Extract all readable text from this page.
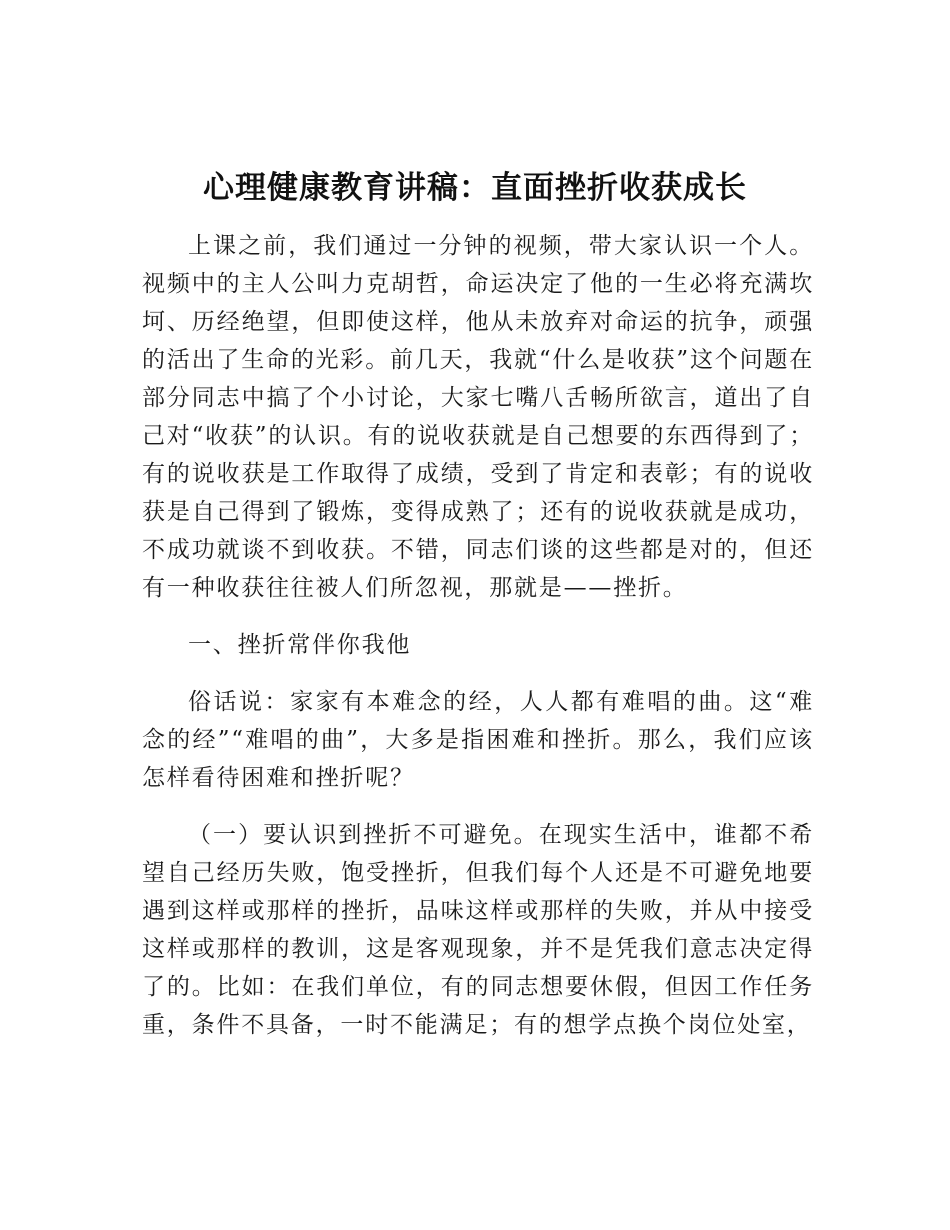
心理健康教育讲稿：直面挫折收获成长

上课之前，我们通过一分钟的视频，带大家认识一个人。视频中的主人公叫力克胡哲，命运决定了他的一生必将充满坎坷、历经绝望，但即使这样，他从未放弃对命运的抗争，顽强的活出了生命的光彩。前几天，我就“什么是收获”这个问题在部分同志中搞了个小讨论，大家七嘴八舌畅所欲言，道出了自己对“收获”的认识。有的说收获就是自己想要的东西得到了；有的说收获是工作取得了成绩，受到了肯定和表彰；有的说收获是自己得到了锻炼，变得成熟了；还有的说收获就是成功，不成功就谈不到收获。不错，同志们谈的这些都是对的，但还有一种收获往往被人们所忽视，那就是——挫折。

一、挫折常伴你我他

俗话说：家家有本难念的经，人人都有难唱的曲。这“难念的经”“难唱的曲”，大多是指困难和挫折。那么，我们应该怎样看待困难和挫折呢？

（一）要认识到挫折不可避免。在现实生活中，谁都不希望自己经历失败，饱受挫折，但我们每个人还是不可避免地要遇到这样或那样的挫折，品味这样或那样的失败，并从中接受这样或那样的教训，这是客观现象，并不是凭我们意志决定得了的。比如：在我们单位，有的同志想要休假，但因工作任务重，条件不具备，一时不能满足；有的想学点换个岗位处室，
